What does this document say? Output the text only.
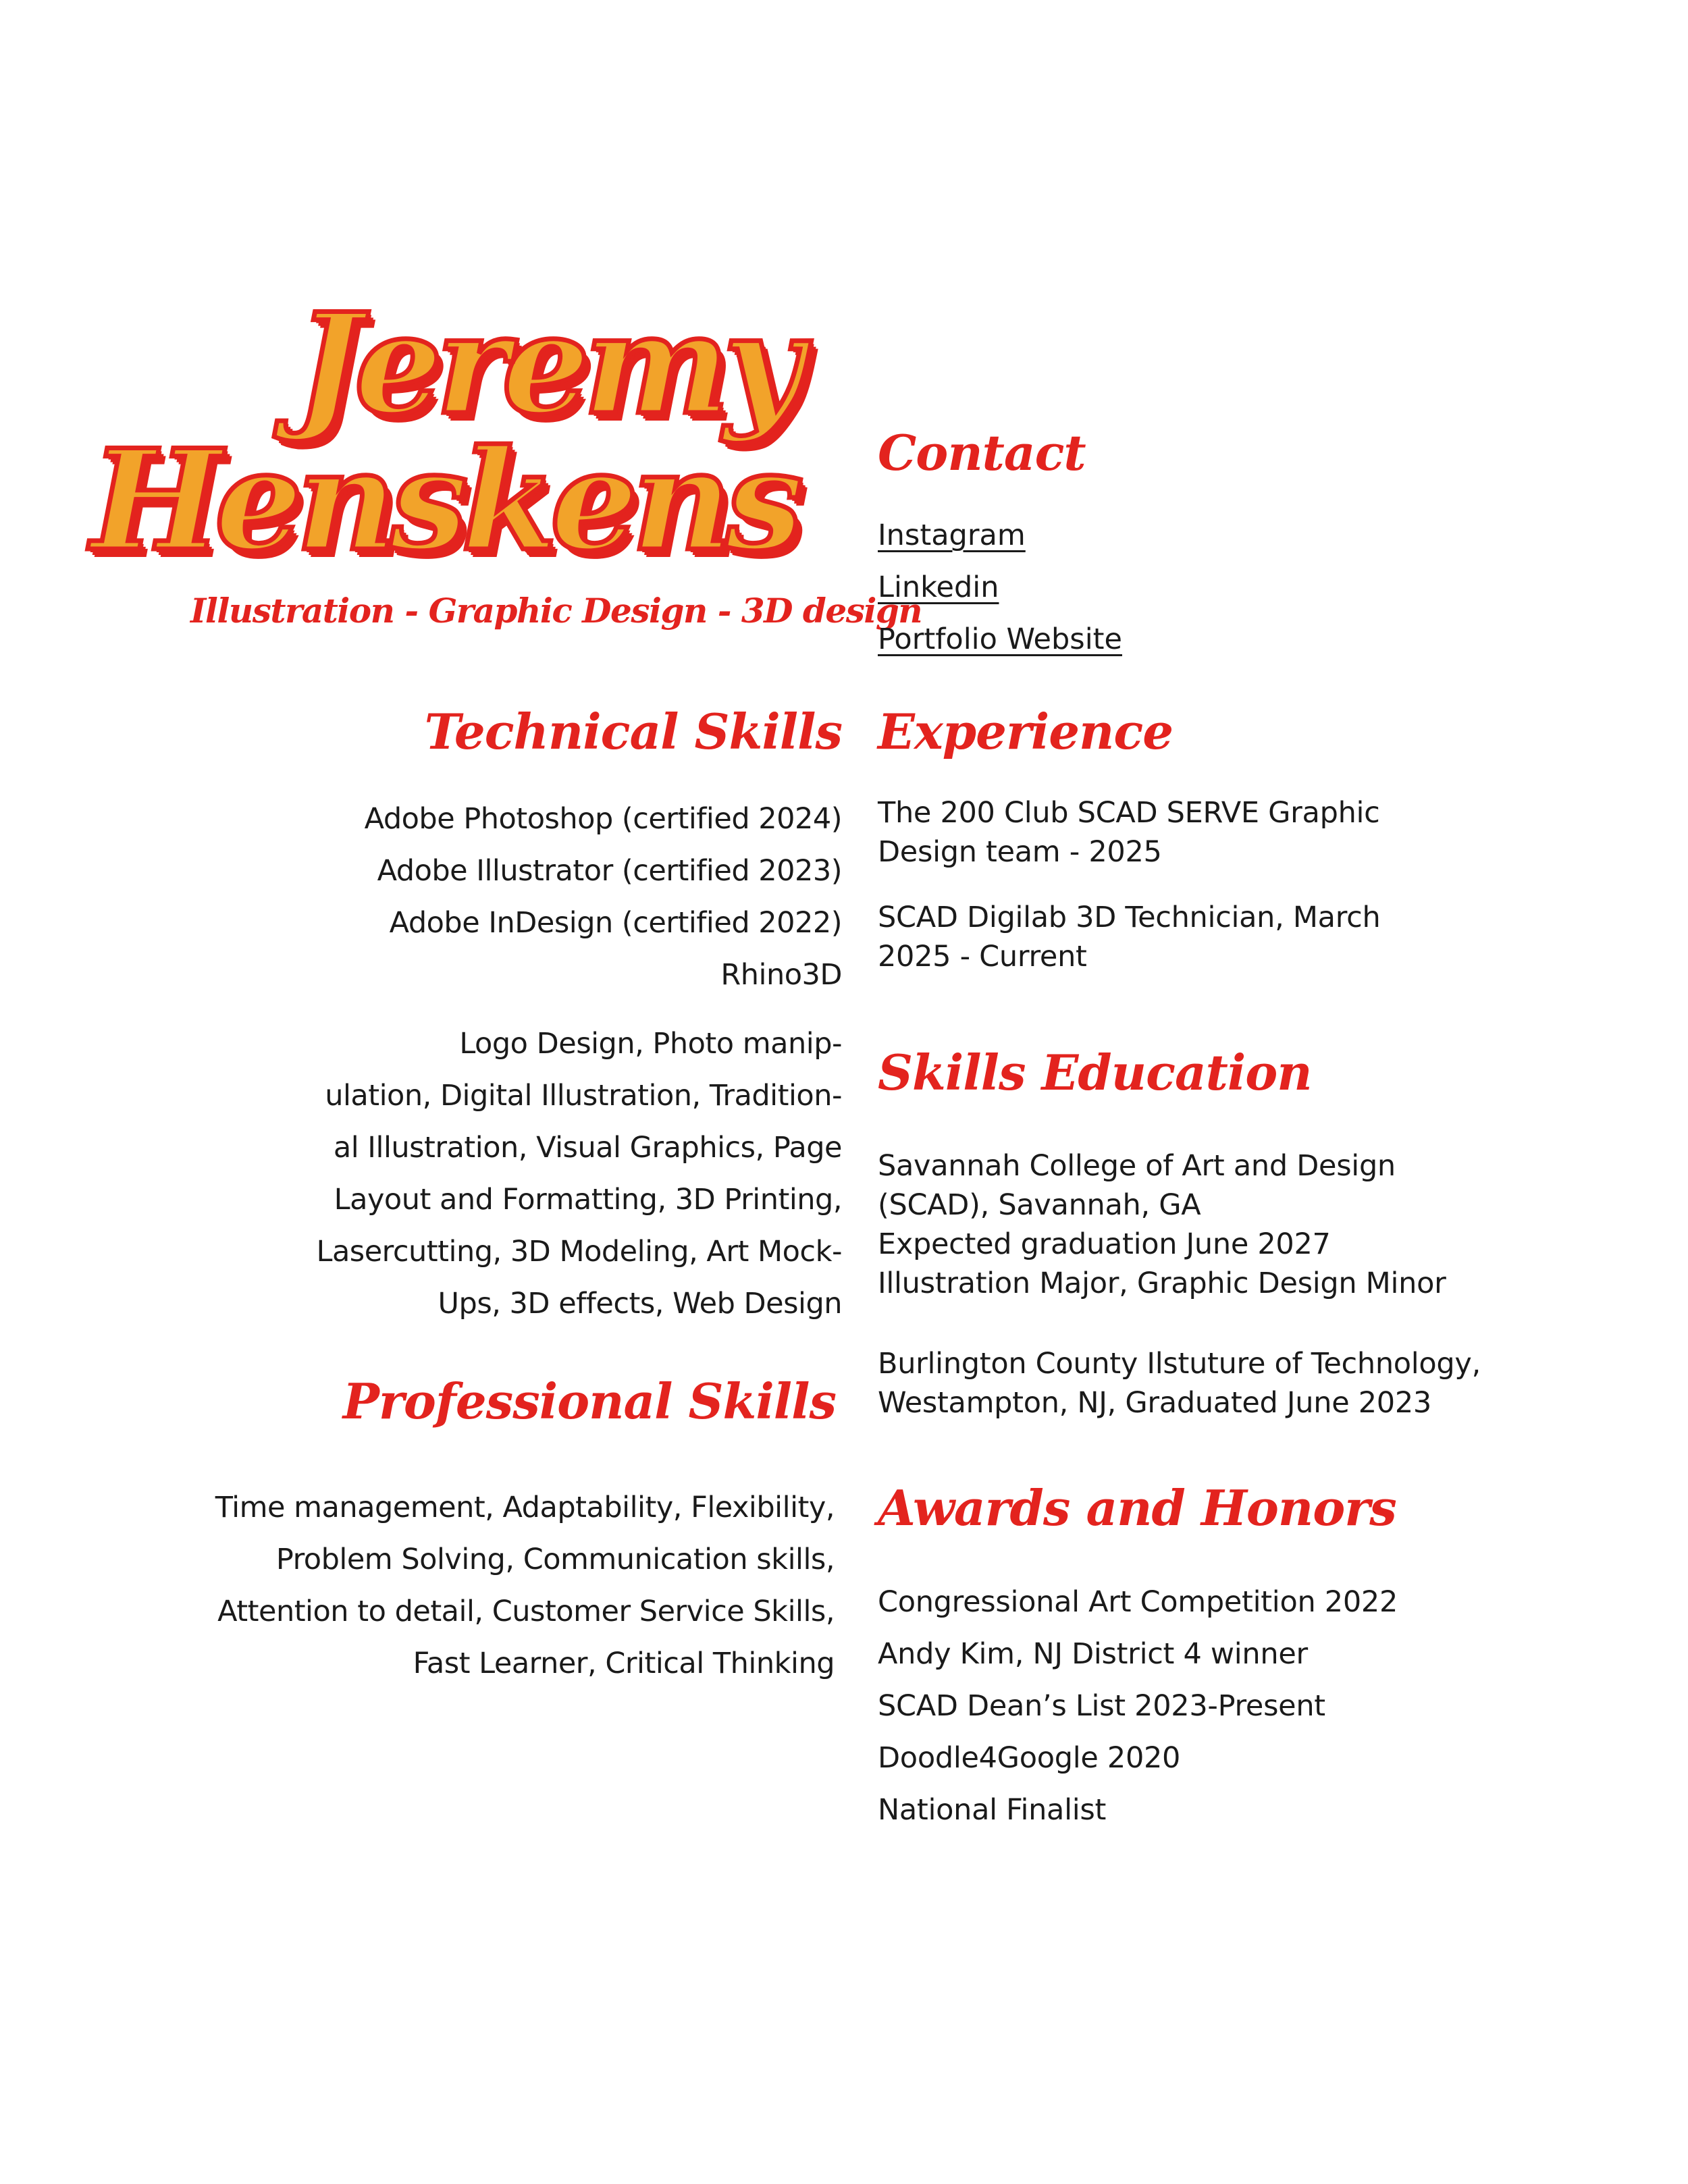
Jeremy
Henskens
Illustration - Graphic Design - 3D design
Contact
Instagram
Linkedin
Portfolio Website
Technical Skills
Adobe Photoshop (certified 2024)
Adobe Illustrator (certified 2023)
Adobe InDesign (certified 2022)
Rhino3D
Logo Design, Photo manip-
ulation, Digital Illustration, Tradition-
al Illustration, Visual Graphics, Page
Layout and Formatting, 3D Printing,
Lasercutting, 3D Modeling, Art Mock-
Ups, 3D effects, Web Design
Professional Skills
Time management, Adaptability, Flexibility,
Problem Solving, Communication skills,
Attention to detail, Customer Service Skills,
Fast Learner, Critical Thinking
Experience
The 200 Club SCAD SERVE Graphic
Design team - 2025
SCAD Digilab 3D Technician, March
2025 - Current
Skills Education
Savannah College of Art and Design
(SCAD), Savannah, GA
Expected graduation June 2027
Illustration Major, Graphic Design Minor
Burlington County Ilstuture of Technology,
Westampton, NJ, Graduated June 2023
Awards and Honors
Congressional Art Competition 2022
Andy Kim, NJ District 4 winner
SCAD Dean’s List 2023-Present
Doodle4Google 2020
National Finalist
